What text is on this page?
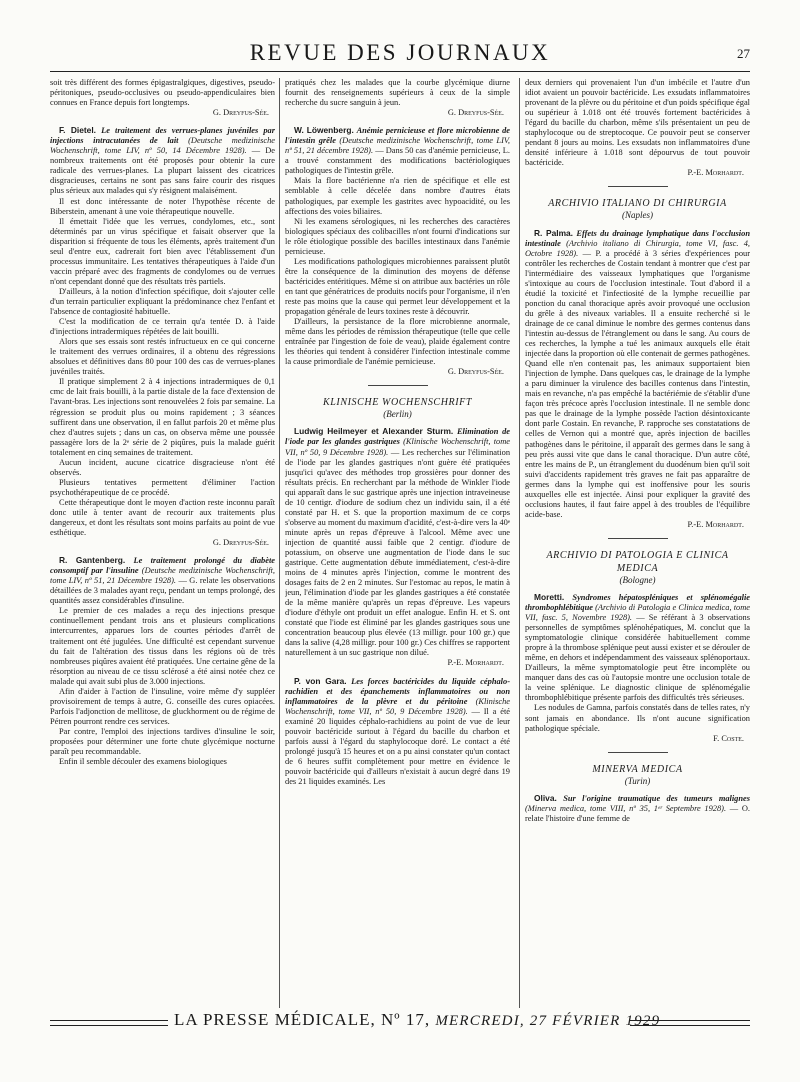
REVUE DES JOURNAUX	27

soit très différent des formes épigastralgiques, digestives, pseudo-péritoniques, pseudo-occlusives ou pseudo-appendiculaires bien connues en France depuis fort longtemps.

G. Dreyfus-Sée.

F. Dietel. Le traitement des verrues-planes juvéniles par injections intracutanées de lait (Deutsche medizinische Wochenschrift, tome LIV, nº 50, 14 Décembre 1928). — De nombreux traitements ont été proposés pour obtenir la cure radicale des verrues-planes. La plupart laissent des cicatrices disgracieuses, certains ne sont pas sans faire courir des risques plus sérieux aux malades qui s'y résignent malaisément.

Il est donc intéressante de noter l'hypothèse récente de Biberstein, amenant à une voie thérapeutique nouvelle.

Il émettait l'idée que les verrues, condylomes, etc., sont déterminés par un virus spécifique et faisait observer que la disparition si fréquente de tous les éléments, après traitement d'un seul d'entre eux, cadrerait fort bien avec l'établissement d'un processus immunitaire. Les tentatives thérapeutiques à l'aide d'un vaccin préparé avec des fragments de condylomes ou de verrues n'ont cependant donné que des résultats très partiels.

D'ailleurs, à la notion d'infection spécifique, doit s'ajouter celle d'un terrain particulier expliquant la prédominance chez l'enfant et l'absence de contagiosité habituelle.

C'est la modification de ce terrain qu'a tentée D. à l'aide d'injections intradermiques répétées de lait bouilli.

Alors que ses essais sont restés infructueux en ce qui concerne le traitement des verrues ordinaires, il a obtenu des régressions absolues et définitives dans 80 pour 100 des cas de verrues-planes juvéniles traités.

Il pratique simplement 2 à 4 injections intradermiques de 0,1 cmc de lait frais bouilli, à la partie distale de la face d'extension de l'avant-bras. Les injections sont renouvelées 2 fois par semaine. La régression se produit plus ou moins rapidement ; 3 séances suffirent dans une observation, il en fallut parfois 20 et même plus chez d'autres sujets ; dans un cas, on observa même une poussée passagère lors de la 2ᵉ série de 2 piqûres, puis la malade guérit totalement en cinq semaines de traitement.

Aucun incident, aucune cicatrice disgracieuse n'ont été observés.

Plusieurs tentatives permettent d'éliminer l'action psychothérapeutique de ce procédé.

Cette thérapeutique dont le moyen d'action reste inconnu paraît donc utile à tenter avant de recourir aux traitements plus dangereux, et dont les résultats sont moins parfaits au point de vue esthétique.

G. Dreyfus-Sée.

R. Gantenberg. Le traitement prolongé du diabète consomptif par l'insuline (Deutsche medizinische Wochenschrift, tome LIV, nº 51, 21 Décembre 1928). — G. relate les observations détaillées de 3 malades ayant reçu, pendant un temps prolongé, des quantités assez considérables d'insuline.

Le premier de ces malades a reçu des injections presque continuellement pendant trois ans et plusieurs complications intercurrentes, apparues lors de courtes périodes d'arrêt de traitement ont été jugulées. Une difficulté est cependant survenue du fait de l'altération des tissus dans les régions où de très nombreuses piqûres avaient été pratiquées. Une certaine gêne de la résorption au niveau de ce tissu sclérosé a été ainsi notée chez ce malade qui avait subi plus de 3.000 injections.

Afin d'aider à l'action de l'insuline, voire même d'y suppléer provisoirement de temps à autre, G. conseille des cures opiacées. Parfois l'adjonction de mellitose, de gluckhorment ou de régime de Pétren pourront rendre ces services.

Par contre, l'emploi des injections tardives d'insuline le soir, proposées pour déterminer une forte chute glycémique nocturne paraît peu recommandable.

Enfin il semble découler des examens biologiques

pratiqués chez les malades que la courbe glycémique diurne fournit des renseignements supérieurs à ceux de la simple recherche du sucre sanguin à jeun.

G. Dreyfus-Sée.

W. Löwenberg. Anémie pernicieuse et flore microbienne de l'intestin grêle (Deutsche medizinische Wochenschrift, tome LIV, nº 51, 21 décembre 1928). — Dans 50 cas d'anémie pernicieuse, L. a trouvé constamment des modifications bactériologiques pathologiques de l'intestin grêle.

Mais la flore bactérienne n'a rien de spécifique et elle est semblable à celle décelée dans nombre d'autres états pathologiques, par exemple les gastrites avec hypoacidité, ou les affections des voies biliaires.

Ni les examens sérologiques, ni les recherches des caractères biologiques spéciaux des colibacilles n'ont fourni d'indications sur le rôle étiologique possible des bacilles intestinaux dans l'anémie pernicieuse.

Les modifications pathologiques microbiennes paraissent plutôt être la conséquence de la diminution des moyens de défense bactéricides entéritiques. Même si on attribue aux bactéries un rôle en tant que génératrices de produits nocifs pour l'organisme, il n'en reste pas moins que la cause qui permet leur développement et la propagation générale de leurs toxines reste à découvrir.

D'ailleurs, la persistance de la flore microbienne anormale, même dans les périodes de rémission thérapeutique (telle que celle entraînée par l'ingestion de foie de veau), plaide également contre les théories qui tendent à considérer l'infection intestinale comme la cause primordiale de l'anémie pernicieuse.

G. Dreyfus-Sée.

KLINISCHE WOCHENSCHRIFT
(Berlin)

Ludwig Heilmeyer et Alexander Sturm. Elimination de l'iode par les glandes gastriques (Klinische Wochenschrift, tome VII, nº 50, 9 Décembre 1928). — Les recherches sur l'élimination de l'iode par les glandes gastriques n'ont guère été pratiquées jusqu'ici qu'avec des méthodes trop grossières pour donner des résultats précis. En recherchant par la méthode de Winkler l'iode qui apparaît dans le suc gastrique après une injection intraveineuse de 10 centigr. d'iodure de sodium chez un individu sain, il a été constaté par H. et S. que la proportion maximum de ce corps s'observe au moment du maximum d'acidité, c'est-à-dire vers la 40ᵉ minute après un repas d'épreuve à l'alcool. Même avec une injection de quantité aussi faible que 2 centigr. d'iodure de potassium, on observe une augmentation de l'iode dans le suc gastrique. Cette augmentation débute immédiatement, c'est-à-dire moins de 4 minutes après l'injection, comme le montrent des dosages faits de 2 en 2 minutes. Sur l'estomac au repos, le matin à jeun, l'élimination d'iode par les glandes gastriques a été constatée de la même manière qu'après un repas d'épreuve. Les vapeurs d'iodure d'éthyle ont produit un effet analogue. Enfin H. et S. ont constaté que l'iode est éliminé par les glandes gastriques sous une concentration beaucoup plus élevée (13 milligr. pour 100 gr.) que dans la salive (4,28 milligr. pour 100 gr.) Ces chiffres se rapportent naturellement à un suc gastrique non dilué.

P.-E. Morhardt.

P. von Gara. Les forces bactéricides du liquide céphalo-rachidien et des épanchements inflammatoires ou non inflammatoires de la plèvre et du péritoine (Klinische Wochenschrift, tome VII, nº 50, 9 Décembre 1928). — Il a été examiné 20 liquides céphalo-rachidiens au point de vue de leur pouvoir bactéricide surtout à l'égard du bacille du charbon et parfois aussi à l'égard du staphylocoque doré. Le contact a été prolongé jusqu'à 15 heures et on a pu ainsi constater qu'un contact de 6 heures suffit complètement pour mettre en évidence le pouvoir bactéricide qui d'ailleurs n'existait à aucun degré dans 19 des 21 liquides examinés. Les

deux derniers qui provenaient l'un d'un imbécile et l'autre d'un idiot avaient un pouvoir bactéricide. Les exsudats inflammatoires provenant de la plèvre ou du péritoine et d'un poids spécifique égal ou supérieur à 1.018 ont été trouvés fortement bactéricides à l'égard du bacille du charbon, même s'ils présentaient un peu de staphylocoque ou de streptocoque. Ce pouvoir peut se conserver pendant 8 jours au moins. Les exsudats non inflammatoires d'une densité inférieure à 1.018 sont dépourvus de tout pouvoir bactéricide.

P.-E. Morhardt.

ARCHIVIO ITALIANO DI CHIRURGIA
(Naples)

R. Palma. Effets du drainage lymphatique dans l'occlusion intestinale (Archivio italiano di Chirurgia, tome VI, fasc. 4, Octobre 1928). — P. a procédé à 3 séries d'expériences pour contrôler les recherches de Costain tendant à montrer que c'est par l'intermédiaire des vaisseaux lymphatiques que l'organisme s'intoxique au cours de l'occlusion intestinale. Tout d'abord il a étudié la toxicité et l'infectiosité de la lymphe recueillie par ponction du canal thoracique après avoir provoqué une occlusion du grêle à des niveaux variables. Il a ensuite recherché si le drainage de ce canal diminue le nombre des germes contenus dans l'intestin au-dessus de l'étranglement ou dans le sang. Au cours de ces recherches, la lymphe a tué les animaux auxquels elle était injectée dans la proportion où elle contenait de germes pathogènes. Quand elle n'en contenait pas, les animaux supportaient bien l'injection de lymphe. Dans quelques cas, le drainage de la lymphe a paru diminuer la virulence des bacilles contenus dans l'intestin, mais en revanche, n'a pas empêché la bactériémie de s'établir d'une façon très précoce après l'occlusion intestinale. Il ne semble donc pas que le drainage de la lymphe possède l'action désintoxicante dont parle Costain. En revanche, P. rapproche ses constatations de celles de Vernon qui a montré que, après injection de bacilles pathogènes dans le péritoine, il apparaît des germes dans le sang à peu près aussi vite que dans le canal thoracique. D'un autre côté, entre les mains de P., un étranglement du duodénum bien qu'il soit suivi d'accidents rapidement très graves ne fait pas apparaître de germes dans la lymphe qui est inoffensive pour les souris auxquelles elle est injectée. Ainsi pour expliquer la gravité des occlusions hautes, il faut faire appel à des troubles de l'équilibre acide-base.

P.-E. Morhardt.

ARCHIVIO DI PATOLOGIA E CLINICA MEDICA
(Bologne)

Moretti. Syndromes hépatospléniques et splénomégalie thrombophlébitique (Archivio di Patologia e Clinica medica, tome VII, fasc. 5, Novembre 1928). — Se référant à 3 observations personnelles de symptômes splénohépatiques, M. conclut que la symptomatologie clinique considérée habituellement comme propre à la thrombose splénique peut aussi exister et se dérouler de même, en dehors et indépendamment des vaisseaux splénoportaux. D'ailleurs, la même symptomatologie peut être incomplète ou manquer dans des cas où l'autopsie montre une occlusion totale de la veine splénique. Le diagnostic clinique de splénomégalie thrombophlébitique présente parfois des difficultés très sérieuses.

Les nodules de Gamna, parfois constatés dans de telles rates, n'y sont jamais en abondance. Ils n'ont aucune signification pathologique spéciale.

F. Coste.

MINERVA MEDICA
(Turin)

Oliva. Sur l'origine traumatique des tumeurs malignes (Minerva medica, tome VIII, nº 35, 1ᵉʳ Septembre 1928). — O. relate l'histoire d'une femme de

LA PRESSE MÉDICALE, Nº 17, MERCREDI, 27 FÉVRIER 1929
